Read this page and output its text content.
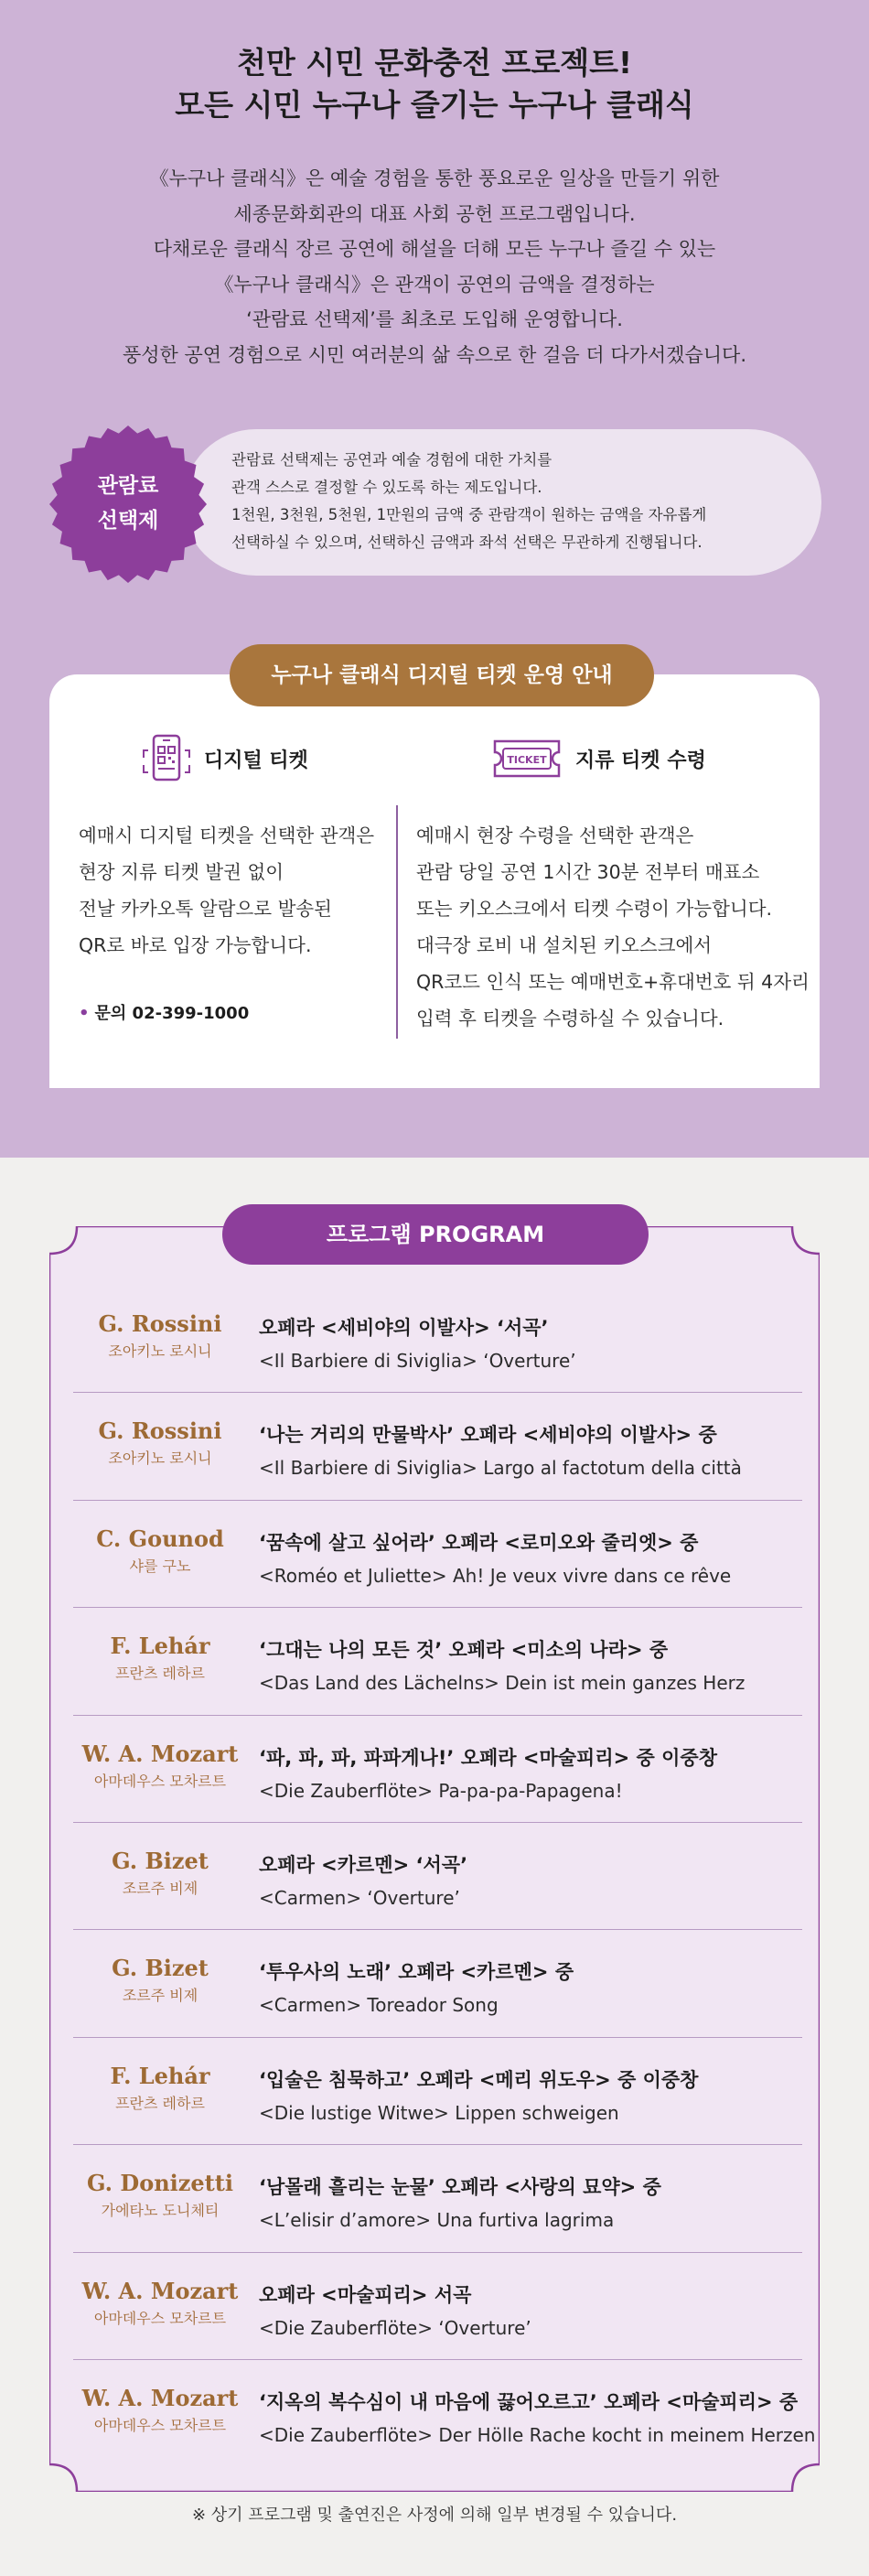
천만 시민 문화충전 프로젝트!
모든 시민 누구나 즐기는 누구나 클래식
《누구나 클래식》은 예술 경험을 통한 풍요로운 일상을 만들기 위한
세종문화회관의 대표 사회 공헌 프로그램입니다.
다채로운 클래식 장르 공연에 해설을 더해 모든 누구나 즐길 수 있는
《누구나 클래식》은 관객이 공연의 금액을 결정하는
‘관람료 선택제’를 최초로 도입해 운영합니다.
풍성한 공연 경험으로 시민 여러분의 삶 속으로 한 걸음 더 다가서겠습니다.
관람료 선택제는 공연과 예술 경험에 대한 가치를
관객 스스로 결정할 수 있도록 하는 제도입니다.
1천원, 3천원, 5천원, 1만원의 금액 중 관람객이 원하는 금액을 자유롭게
선택하실 수 있으며, 선택하신 금액과 좌석 선택은 무관하게 진행됩니다.
관람료
선택제
누구나 클래식 디지털 티켓 운영 안내
디지털 티켓	TICKET 지류 티켓 수령
예매시 디지털 티켓을 선택한 관객은
현장 지류 티켓 발권 없이
전날 카카오톡 알람으로 발송된
QR로 바로 입장 가능합니다.
• 문의 02-399-1000
예매시 현장 수령을 선택한 관객은
관람 당일 공연 1시간 30분 전부터 매표소
또는 키오스크에서 티켓 수령이 가능합니다.
대극장 로비 내 설치된 키오스크에서
QR코드 인식 또는 예매번호+휴대번호 뒤 4자리
입력 후 티켓을 수령하실 수 있습니다.
프로그램 PROGRAM
G. Rossini
조아키노 로시니
오페라 <세비야의 이발사> ‘서곡’
<Il Barbiere di Siviglia> ‘Overture’
G. Rossini
조아키노 로시니
‘나는 거리의 만물박사’ 오페라 <세비야의 이발사> 중
<Il Barbiere di Siviglia> Largo al factotum della città
C. Gounod
샤를 구노
‘꿈속에 살고 싶어라’ 오페라 <로미오와 줄리엣> 중
<Roméo et Juliette> Ah! Je veux vivre dans ce rêve
F. Lehár
프란츠 레하르
‘그대는 나의 모든 것’ 오페라 <미소의 나라> 중
<Das Land des Lächelns> Dein ist mein ganzes Herz
W. A. Mozart
아마데우스 모차르트
‘파, 파, 파, 파파게나!’ 오페라 <마술피리> 중 이중창
<Die Zauberflöte> Pa-pa-pa-Papagena!
G. Bizet
조르주 비제
오페라 <카르멘> ‘서곡’
<Carmen> ‘Overture’
G. Bizet
조르주 비제
‘투우사의 노래’ 오페라 <카르멘> 중
<Carmen> Toreador Song
F. Lehár
프란츠 레하르
‘입술은 침묵하고’ 오페라 <메리 위도우> 중 이중창
<Die lustige Witwe> Lippen schweigen
G. Donizetti
가에타노 도니체티
‘남몰래 흘리는 눈물’ 오페라 <사랑의 묘약> 중
<L’elisir d’amore> Una furtiva lagrima
W. A. Mozart
아마데우스 모차르트
오페라 <마술피리> 서곡
<Die Zauberflöte> ‘Overture’
W. A. Mozart
아마데우스 모차르트
‘지옥의 복수심이 내 마음에 끓어오르고’ 오페라 <마술피리> 중
<Die Zauberflöte> Der Hölle Rache kocht in meinem Herzen
※ 상기 프로그램 및 출연진은 사정에 의해 일부 변경될 수 있습니다.
